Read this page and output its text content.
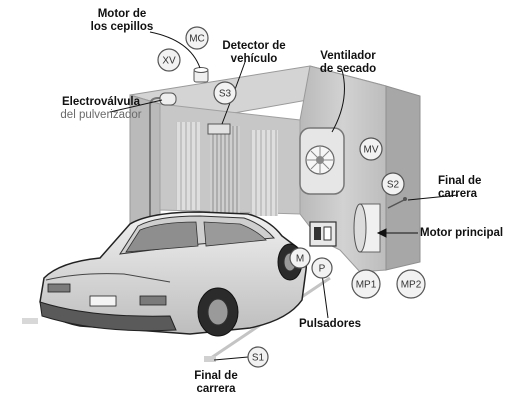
MC
XV
S3
MV
S2
M
P
MP1 MP2
S1
Motor de
los cepillos
Detector de
vehículo	Ventilador
de secado
Electroválvula
del pulverizador
Final de
carrera
Motor principal
Pulsadores
Final de
carrera
